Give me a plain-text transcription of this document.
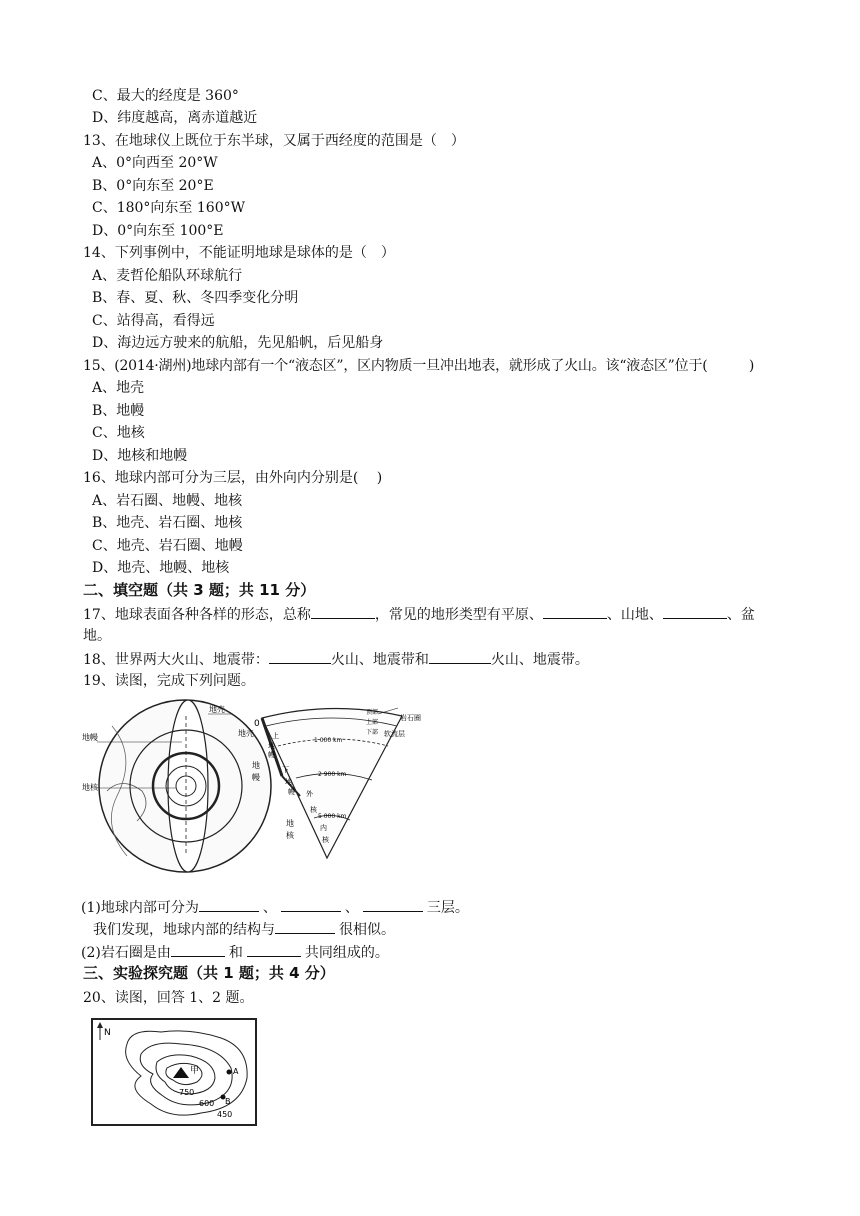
C、最大的经度是 360°
D、纬度越高，离赤道越近
13、在地球仪上既位于东半球，又属于西经度的范围是（　）
A、0°向西至 20°W
B、0°向东至 20°E
C、180°向东至 160°W
D、0°向东至 100°E
14、下列事例中，不能证明地球是球体的是（　）
A、麦哲伦船队环球航行
B、春、夏、秋、冬四季变化分明
C、站得高，看得远
D、海边远方驶来的航船，先见船帆，后见船身
15、(2014·湖州)地球内部有一个“液态区”，区内物质一旦冲出地表，就形成了火山。该“液态区”位于(　　　)
A、地壳
B、地幔
C、地核
D、地核和地幔
16、地球内部可分为三层，由外向内分别是(　 )
A、岩石圈、地幔、地核
B、地壳、岩石圈、地核
C、地壳、岩石圈、地幔
D、地壳、地幔、地核
二、填空题（共 3 题；共 11 分）
17、地球表面各种各样的形态，总称	，常见的地形类型有平原、	、山地、	、盆
地。
18、世界两大火山、地震带：	火山、地震带和	火山、地震带。
19、读图，完成下列问题。
地壳
地幔
地核
0
地壳	上
地
幔
地
幔
下
地
幔 外
核
地
核
内
核
1 000 km
2 900 km
5 000 km
顶部
上部
下部
岩石圈
软流层
(1)地球内部可分为	、	、	三层。
我们发现，地球内部的结构与	很相似。
(2)岩石圈是由	和	共同组成的。
三、实验探究题（共 1 题；共 4 分）
20、读图，回答 1、2 题。
N
甲	A
B
750
600
450
